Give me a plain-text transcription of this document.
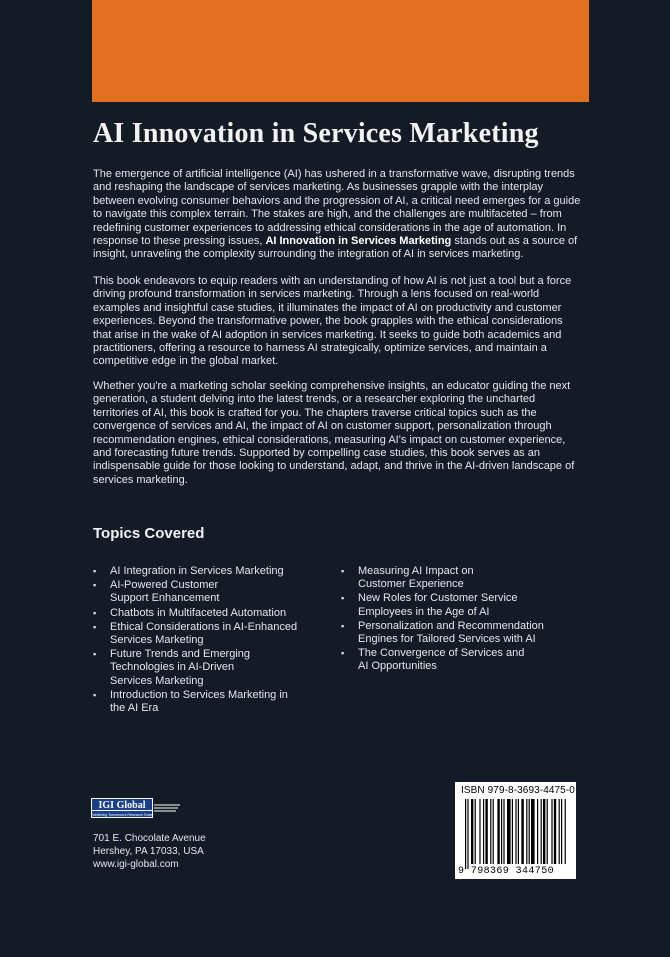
AI Innovation in Services Marketing

The emergence of artificial intelligence (AI) has ushered in a transformative wave, disrupting trends and reshaping the landscape of services marketing. As businesses grapple with the interplay between evolving consumer behaviors and the progression of AI, a critical need emerges for a guide to navigate this complex terrain. The stakes are high, and the challenges are multifaceted – from redefining customer experiences to addressing ethical considerations in the age of automation. In response to these pressing issues, AI Innovation in Services Marketing stands out as a source of insight, unraveling the complexity surrounding the integration of AI in services marketing.

This book endeavors to equip readers with an understanding of how AI is not just a tool but a force driving profound transformation in services marketing. Through a lens focused on real-world examples and insightful case studies, it illuminates the impact of AI on productivity and customer experiences. Beyond the transformative power, the book grapples with the ethical considerations that arise in the wake of AI adoption in services marketing. It seeks to guide both academics and practitioners, offering a resource to harness AI strategically, optimize services, and maintain a competitive edge in the global market.

Whether you're a marketing scholar seeking comprehensive insights, an educator guiding the next generation, a student delving into the latest trends, or a researcher exploring the uncharted territories of AI, this book is crafted for you. The chapters traverse critical topics such as the convergence of services and AI, the impact of AI on customer support, personalization through recommendation engines, ethical considerations, measuring AI's impact on customer experience, and forecasting future trends. Supported by compelling case studies, this book serves as an indispensable guide for those looking to understand, adapt, and thrive in the AI-driven landscape of services marketing.

Topics Covered
▪ AI Integration in Services Marketing
▪ AI-Powered Customer
Support Enhancement
▪ Chatbots in Multifaceted Automation
▪ Ethical Considerations in AI-Enhanced
Services Marketing
▪ Future Trends and Emerging
Technologies in AI-Driven
Services Marketing
▪ Introduction to Services Marketing in
the AI Era
▪ Measuring AI Impact on
Customer Experience
▪ New Roles for Customer Service
Employees in the Age of AI
▪ Personalization and Recommendation
Engines for Tailored Services with AI
▪ The Convergence of Services and
AI Opportunities
IGI Global
Publishing Tomorrow's Research Today
701 E. Chocolate Avenue
Hershey, PA 17033, USA
www.igi-global.com
ISBN 979-8-3693-4475-0
9 798369 344750
